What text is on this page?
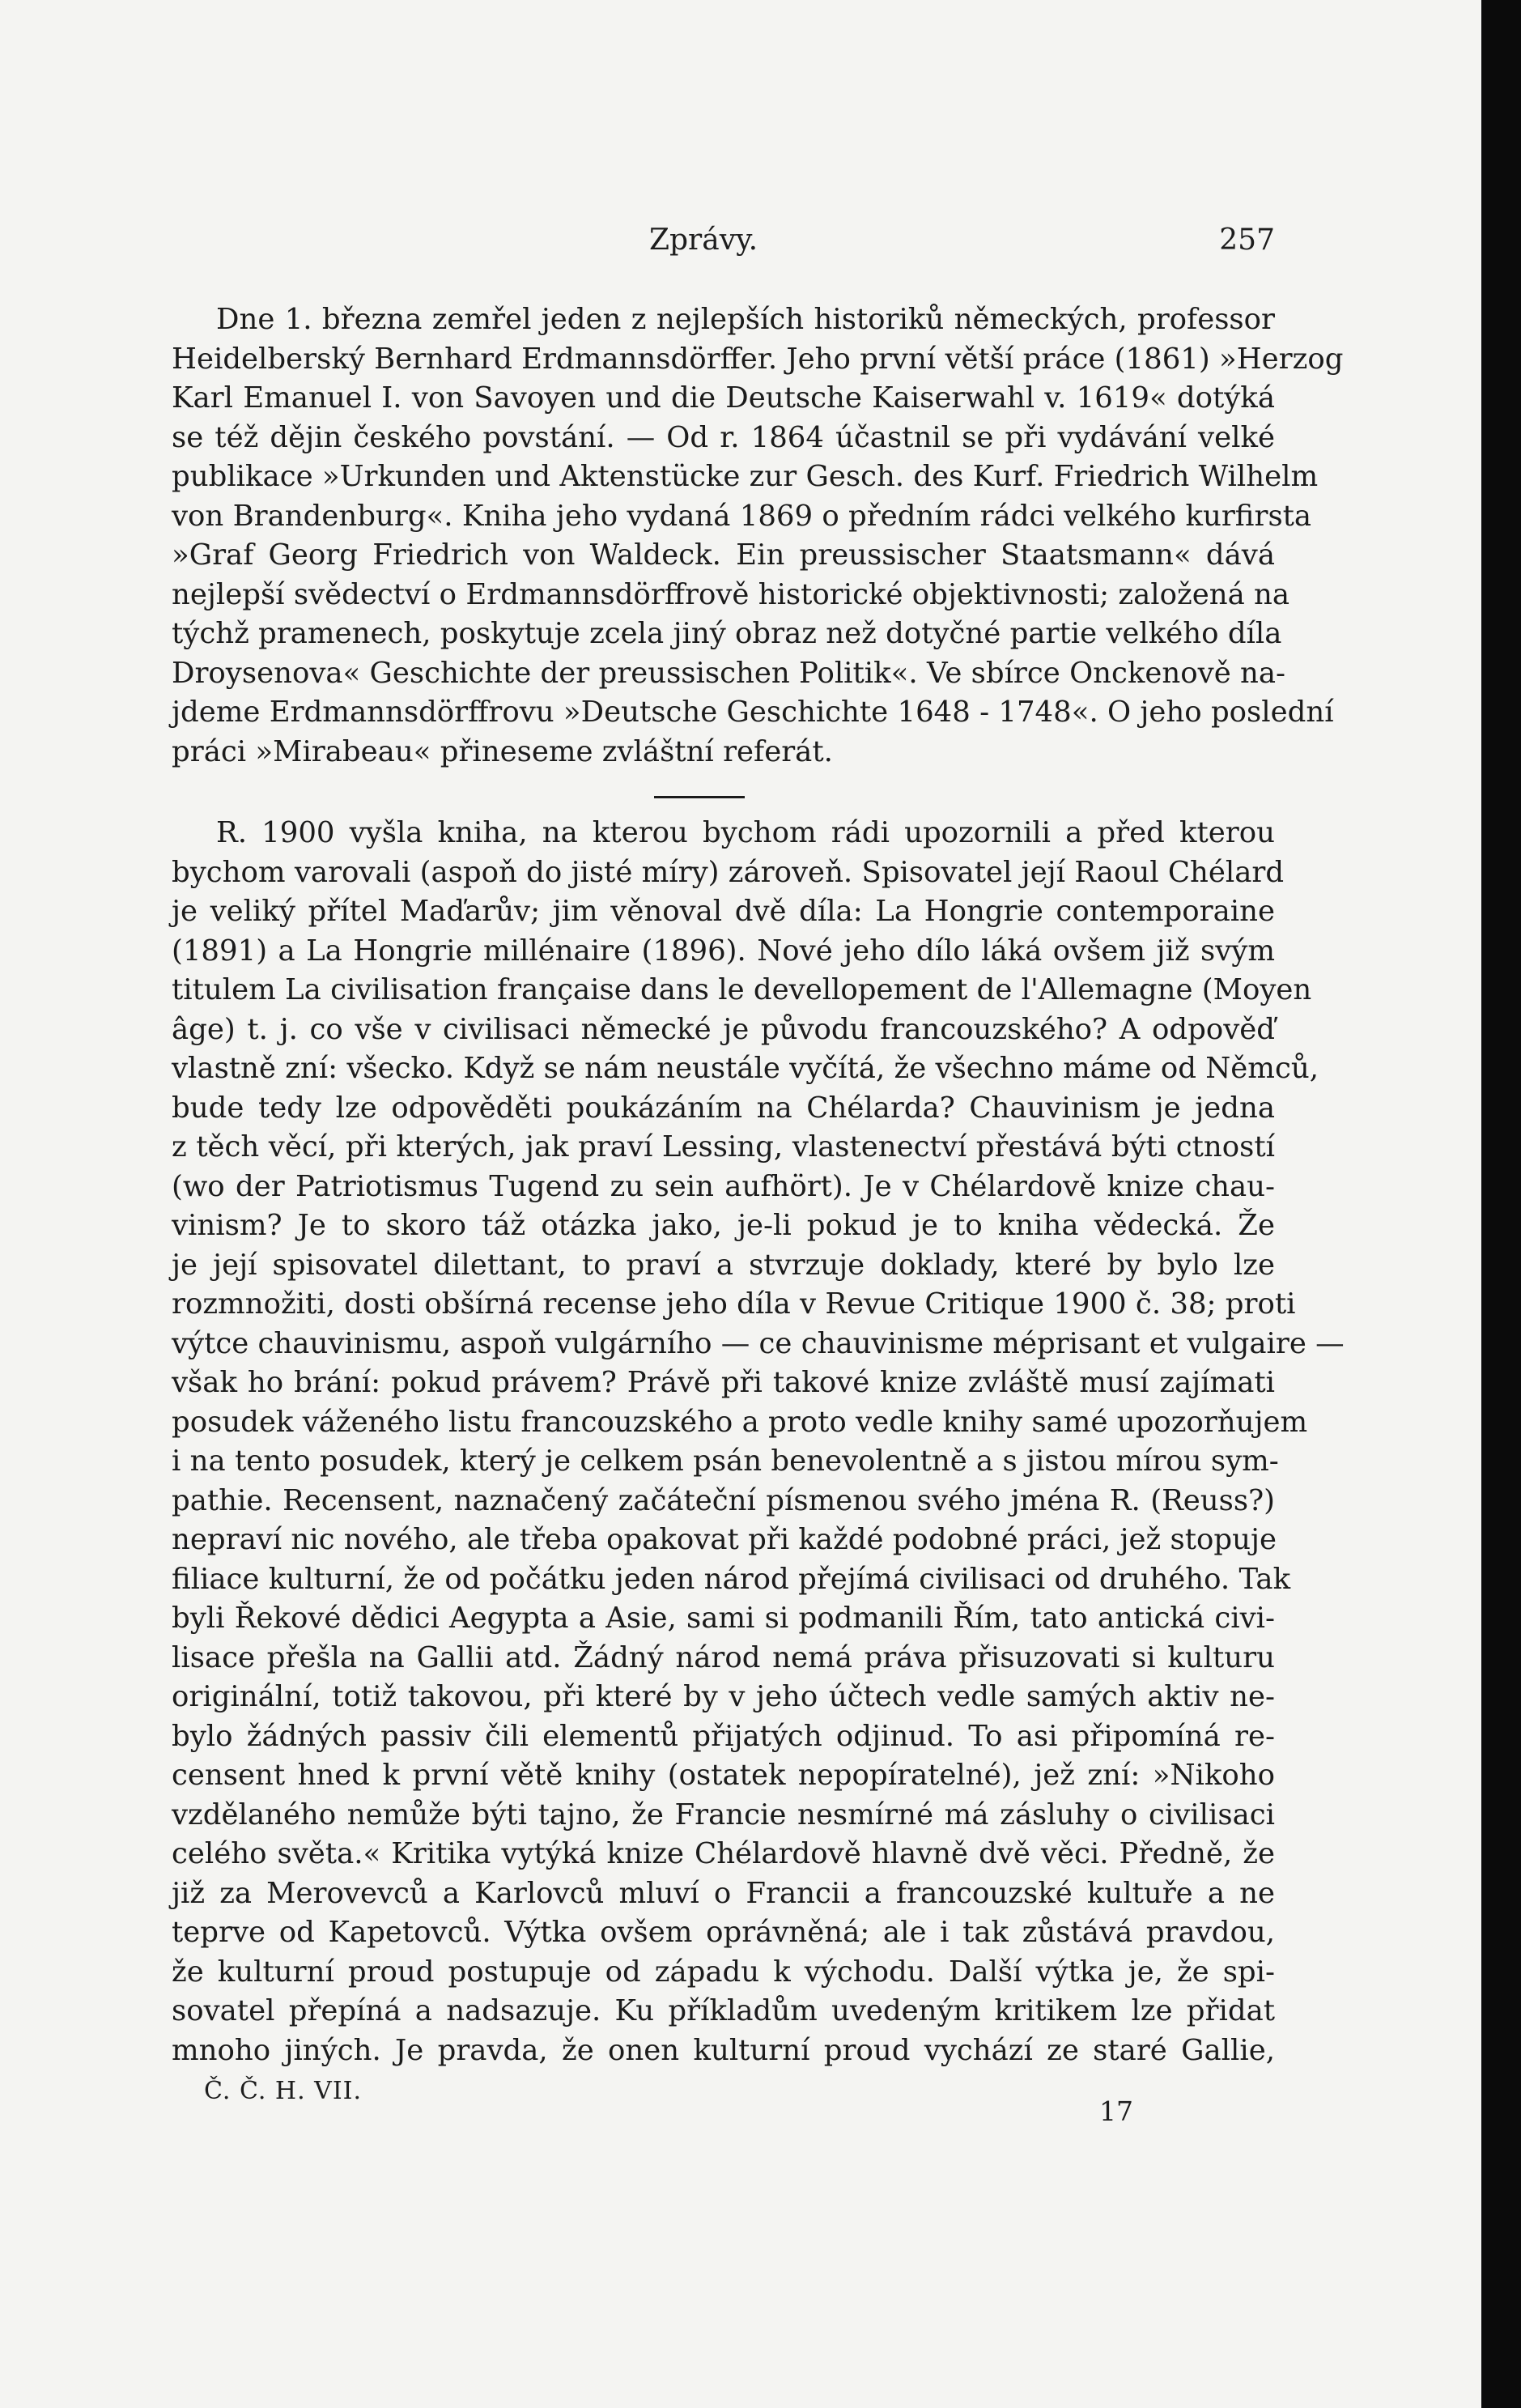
Zprávy.	257
Dne 1. března zemřel jeden z nejlepších historiků německých, professor
Heidelberský Bernhard Erdmannsdörffer. Jeho první větší práce (1861) »Herzog
Karl Emanuel I. von Savoyen und die Deutsche Kaiserwahl v. 1619« dotýká
se též dějin českého povstání. — Od r. 1864 účastnil se při vydávání velké
publikace »Urkunden und Aktenstücke zur Gesch. des Kurf. Friedrich Wilhelm
von Brandenburg«. Kniha jeho vydaná 1869 o předním rádci velkého kurfirsta
»Graf Georg Friedrich von Waldeck. Ein preussischer Staatsmann« dává
nejlepší svědectví o Erdmannsdörffrově historické objektivnosti; založená na
týchž pramenech, poskytuje zcela jiný obraz než dotyčné partie velkého díla
Droysenova« Geschichte der preussischen Politik«. Ve sbírce Onckenově na-
jdeme Erdmannsdörffrovu »Deutsche Geschichte 1648 - 1748«. O jeho poslední
práci »Mirabeau« přineseme zvláštní referát.
R. 1900 vyšla kniha, na kterou bychom rádi upozornili a před kterou
bychom varovali (aspoň do jisté míry) zároveň. Spisovatel její Raoul Chélard
je veliký přítel Maďarův; jim věnoval dvě díla: La Hongrie contemporaine
(1891) a La Hongrie millénaire (1896). Nové jeho dílo láká ovšem již svým
titulem La civilisation française dans le devellopement de l'Allemagne (Moyen
âge) t. j. co vše v civilisaci německé je původu francouzského? A odpověď
vlastně zní: všecko. Když se nám neustále vyčítá, že všechno máme od Němců,
bude tedy lze odpověděti poukázáním na Chélarda? Chauvinism je jedna
z těch věcí, při kterých, jak praví Lessing, vlastenectví přestává býti ctností
(wo der Patriotismus Tugend zu sein aufhört). Je v Chélardově knize chau-
vinism? Je to skoro táž otázka jako, je-li pokud je to kniha vědecká. Že
je její spisovatel dilettant, to praví a stvrzuje doklady, které by bylo lze
rozmnožiti, dosti obšírná recense jeho díla v Revue Critique 1900 č. 38; proti
výtce chauvinismu, aspoň vulgárního — ce chauvinisme méprisant et vulgaire —
však ho brání: pokud právem? Právě při takové knize zvláště musí zajímati
posudek váženého listu francouzského a proto vedle knihy samé upozorňujem
i na tento posudek, který je celkem psán benevolentně a s jistou mírou sym-
pathie. Recensent, naznačený začáteční písmenou svého jména R. (Reuss?)
nepraví nic nového, ale třeba opakovat při každé podobné práci, jež stopuje
filiace kulturní, že od počátku jeden národ přejímá civilisaci od druhého. Tak
byli Řekové dědici Aegypta a Asie, sami si podmanili Řím, tato antická civi-
lisace přešla na Gallii atd. Žádný národ nemá práva přisuzovati si kulturu
originální, totiž takovou, při které by v jeho účtech vedle samých aktiv ne-
bylo žádných passiv čili elementů přijatých odjinud. To asi připomíná re-
censent hned k první větě knihy (ostatek nepopíratelné), jež zní: »Nikoho
vzdělaného nemůže býti tajno, že Francie nesmírné má zásluhy o civilisaci
celého světa.« Kritika vytýká knize Chélardově hlavně dvě věci. Předně, že
již za Merovevců a Karlovců mluví o Francii a francouzské kultuře a ne
teprve od Kapetovců. Výtka ovšem oprávněná; ale i tak zůstává pravdou,
že kulturní proud postupuje od západu k východu. Další výtka je, že spi-
sovatel přepíná a nadsazuje. Ku příkladům uvedeným kritikem lze přidat
mnoho jiných. Je pravda, že onen kulturní proud vychází ze staré Gallie,
Č. Č. H. VII.
17
